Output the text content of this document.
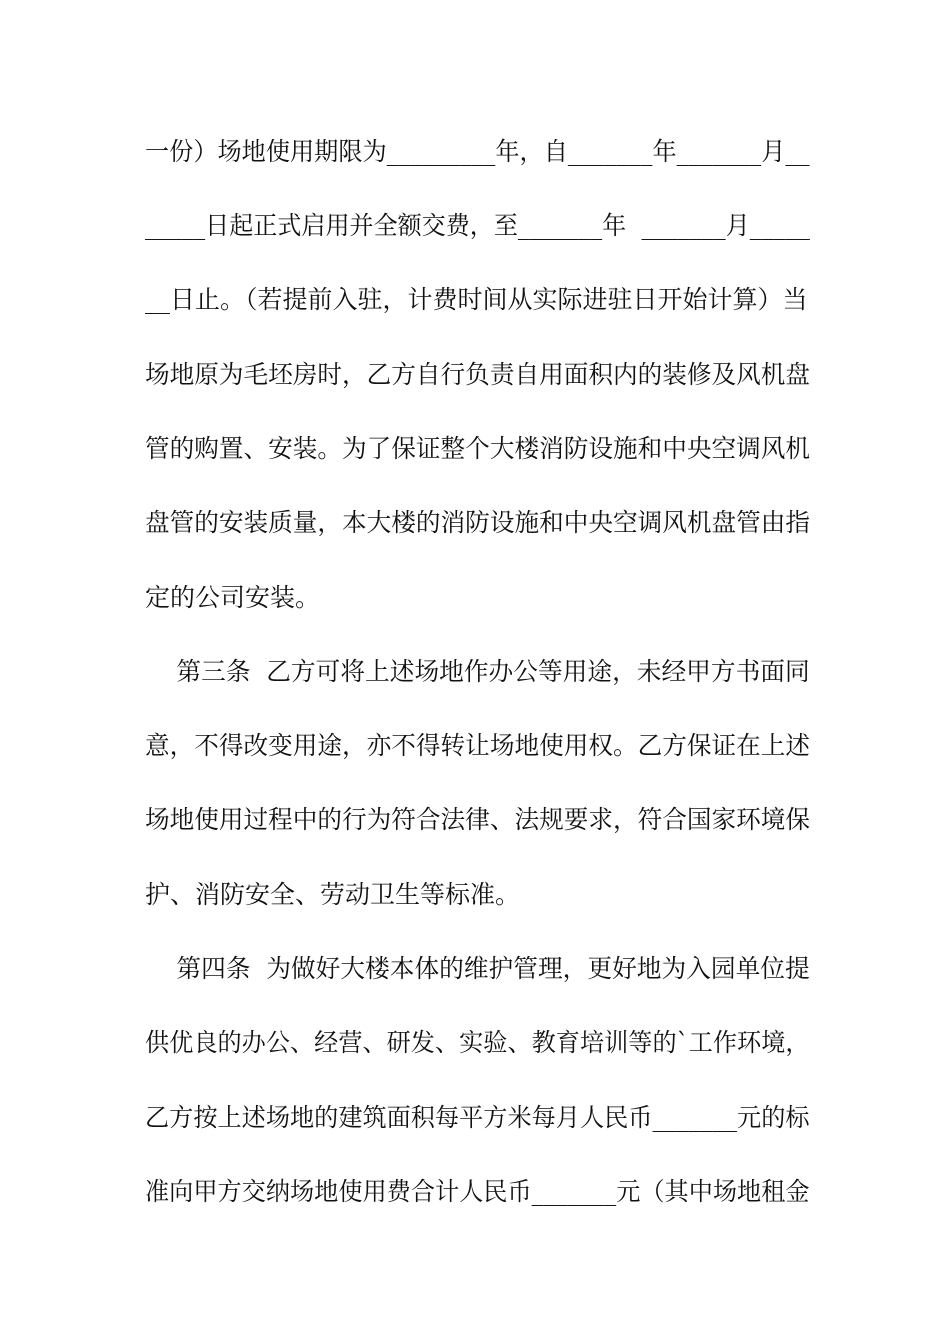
一份）场地使用期限为_________年，自_______年_______月__
_____日起正式启用并全额交费，至_______年  _______月_____
__日止。（若提前入驻，计费时间从实际进驻日开始计算）当
场地原为毛坯房时，乙方自行负责自用面积内的装修及风机盘
管的购置、安装。为了保证整个大楼消防设施和中央空调风机
盘管的安装质量，本大楼的消防设施和中央空调风机盘管由指
定的公司安装。
第三条  乙方可将上述场地作办公等用途，未经甲方书面同
意，不得改变用途，亦不得转让场地使用权。乙方保证在上述
场地使用过程中的行为符合法律、法规要求，符合国家环境保
护、消防安全、劳动卫生等标准。
第四条  为做好大楼本体的维护管理，更好地为入园单位提
供优良的办公、经营、研发、实验、教育培训等的`工作环境，
乙方按上述场地的建筑面积每平方米每月人民币_______元的标
准向甲方交纳场地使用费合计人民币_______元（其中场地租金
